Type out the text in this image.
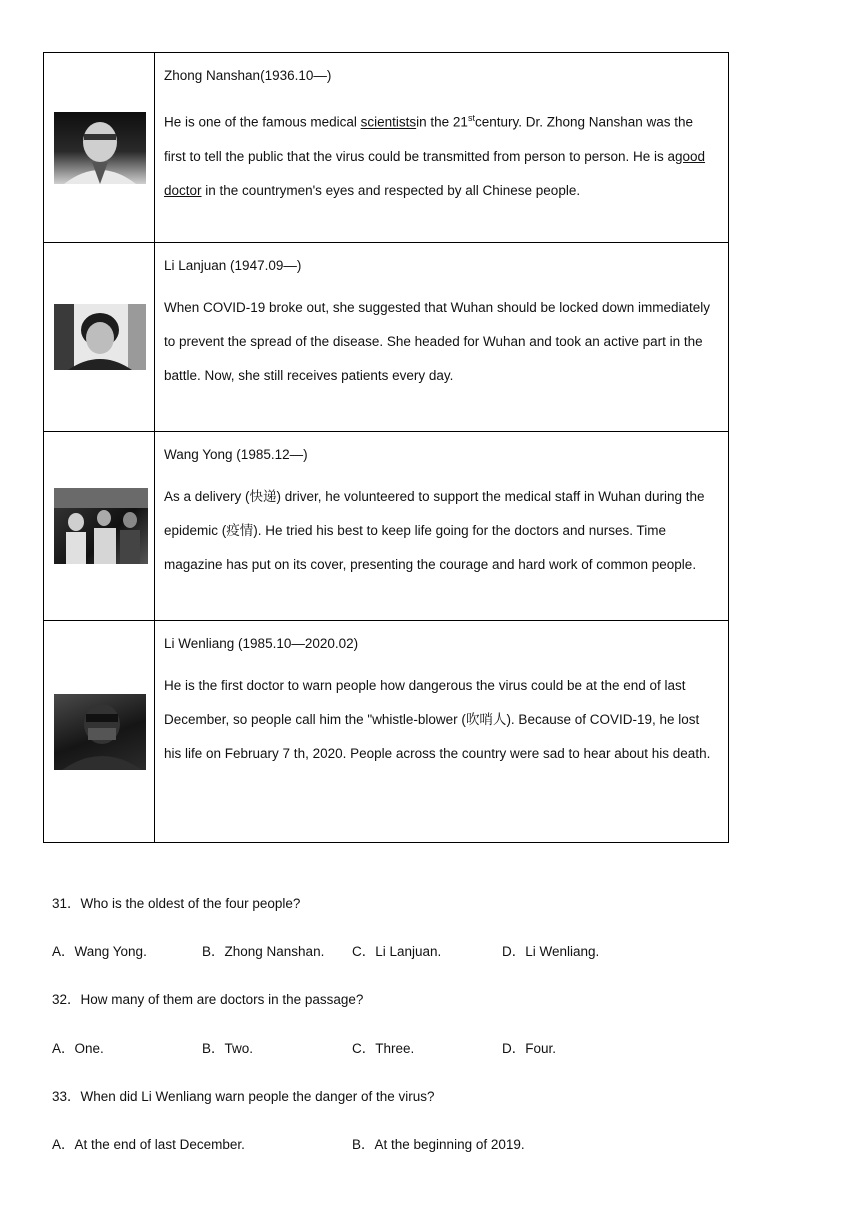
Zhong Nanshan(1936.10—)

He is one of the famous medical scientistsin the 21stcentury. Dr. Zhong Nanshan was the first to tell the public that the virus could be transmitted from person to person. He is agood doctor in the countrymen's eyes and respected by all Chinese people.

Li Lanjuan (1947.09—)

When COVID-19 broke out, she suggested that Wuhan should be locked down immediately to prevent the spread of the disease. She headed for Wuhan and took an active part in the battle. Now, she still receives patients every day.

Wang Yong (1985.12—)

As a delivery (快递) driver, he volunteered to support the medical staff in Wuhan during the epidemic (疫情). He tried his best to keep life going for the doctors and nurses. Time magazine has put on its cover, presenting the courage and hard work of common people.

Li Wenliang (1985.10—2020.02)

He is the first doctor to warn people how dangerous the virus could be at the end of last December, so people call him the "whistle-blower (吹哨人). Because of COVID-19, he lost his life on February 7 th, 2020. People across the country were sad to hear about his death.

31．Who is the oldest of the four people?

A．Wang Yong.	B．Zhong Nanshan. C．Li Lanjuan.	D．Li Wenliang.

32．How many of them are doctors in the passage?

A．One.	B．Two.	C．Three.	D．Four.

33．When did Li Wenliang warn people the danger of the virus?

A．At the end of last December.	B．At the beginning of 2019.
